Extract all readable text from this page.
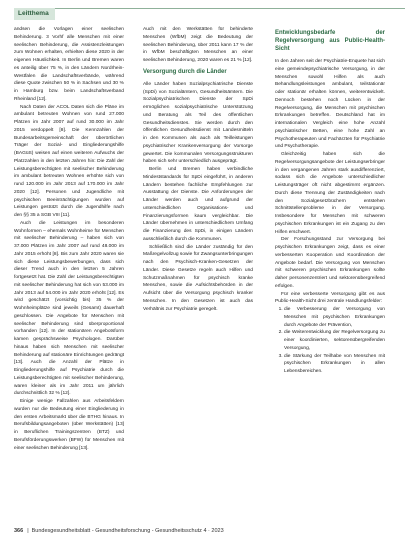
Leitthema

andsen die Vorlagen einer seelischen Behinderung. 3 Vorhf alle Menschen mit einer seelischen Behinderung, die Assistenzleistungen zum Wohnen erhalten, erhielten diese 2020 in der eigenen Häuslichkeit. In Berlin und Bremen waren es anteilig über 75 %, in den Ländern Nordrhein-Westfalen die Landschaftsverbände, während diese Quote zwischen 50 % in Sachsen und 30 % in Hamburg bzw. beim Landschaftsverband Rheinland [12].

Nach Daten der ACOL Daten sich die Pläne im ambulant betreuten Wohnen von rund 27.000 Plätzen im Jahr 2007 auf rund 30.000 im Jahr 2015 verdoppelt [8]. Die Kennzahlen der Bundesarbeitsgemeinschaft der überörtlichen Träger der Sozial- und Eingliederungshilfe (BAGüS) weisen auf einen weiteren Aufwuchs der Platzzahlen in den letzten Jahren hin: Die Zahl der Leistungsberechtigten mit seelischer Behinderung im ambulant betreuten Wohnen erhöhte sich von rund 120.000 im Jahr 2013 auf 170.000 im Jahr 2020 [12]. Personen und Jugendliche mit psychischen Beeinträchtigungen wurden auf Leistungen gestützt durch die Jugendhilfe nach den §§ 35 a SGB VIII [11].

Auch die Leistungen im besonderen Wohnformen – ehemals Wohnheime für Menschen mit seelischer Behinderung – haben sich von 37.000 Plätzen im Jahr 2007 auf rund 48.000 im Jahr 2015 erhöht [8]. Bis zum Jahr 2020 waren sie sich diese Leistungsbewerbungen, dass sich dieser Trend auch in den letzten 5 Jahren fortgesetzt hat. Die Zahl der Leistungsberechtigten mit seelischer Behinderung hat sich von 53.000 im Jahr 2013 auf 54.000 im Jahr 2020 erhöht [12]. Es wird geschätzt (vorsichtig bis) 35 % der Wohnheimplätze sind jeweils (Gesamt) dauerhaft geschlossen. Die Angebote für Menschen mit seelischer Behinderung sind überproportional vorhanden [12]. In der stationären Angebotsform kamen gesprächsweise Psychologen. Darüber hinaus haben sich Menschen mit seelischer Behinderung auf stationäre Einrichtungen gedrängt [13]. Auch die Anzahl der Plätze in Eingliederungshilfe auf Psychiatrie durch die Leistungsberechtigten mit seelischer Behinderung, waren kleiner als im Jahr 2011 um jährlich durchschnittlich 32 % [12].

Einige wenige Fallzahlen aus Arbeitsfeldern wurden nur die Bedeutung einer Eingliederung in den ersten Arbeitsmarkt über die BTHG hinaus. In Berufsbildungsangeboten (über Werkstätten) [13] in Beruflichen Trainingszentren (BTZ) und Berufsförderungswerken (BFW) für Menschen mit einer seelischen Behinderung [13].

Auch mit den Werkstätten für behinderte Menschen (WfbM) zeigt die Bedeutung der seelischen Behinderung, über 2011 kann 17 % der in WfbM beschäftigten Menschen an einer seelischen Behinderung, 2020 waren es 21 % [12].

Versorgung durch die Länder

Alle Länder haben Sozialpsychiatrische Dienste (SpDi) von Sozialämtern, Gesundheitsämtern. Die Sozialpsychiatrischen Dienste der SpDi ermöglichen sozialpsychiatrische Unterstützung und Beratung als Teil des öffentlichen Gesundheitsdienstes. Sie werden durch den öffentlichen Gesundheitsdienst mit Landesmitteln in den Kommunen als auch als Teilleistungen psychiatrischer Krankenversorgung der Vorsorge gewertet. Die kommunalen Versorgungsstrukturen haben sich sehr unterschiedlich ausgeprägt.

Berlin und Bremen haben verbindliche Mindeststandards für SpDi eingeführt, in anderen Ländern bestehen fachliche Empfehlungen zur Ausstattung der Dienste. Die Anforderungen der Länder werden auch und aufgrund der unterschiedlichen Organisations- und Finanzierungsformen kaum vergleichbar. Die Länder übernehmen in unterschiedlichem Umfang die Finanzierung des SpDi, in einigen Ländern ausschließlich durch die Kommunen.

Schließlich sind die Länder zuständig für den Maßregelvollzug sowie für Zwangsunterbringungen nach den Psychisch-Kranken-Gesetzen der Länder. Diese Gesetze regeln auch Hilfen und Schutzmaßnahmen für psychisch kranke Menschen, sowie die Aufsichtsbehörden in der Aufsicht über die Versorgung psychisch kranker Menschen. In den Gesetzen ist auch das Verhältnis zur Psychiatrie geregelt.

Entwicklungsbedarfe der Regelversorgung aus Public-Health-Sicht

In den Jahren seit der Psychiatrie-Enquete hat sich eine gemeindepsychiatrische Versorgung, in der Menschen sowohl Hilfen als auch Behandlungsleistungen ambulant, teilstationär oder stationär erhalten können, weiterentwickelt. Dennoch bestehen noch Lücken in der Regelversorgung, die Menschen mit psychischen Erkrankungen betreffen. Deutschland hat im internationalen Vergleich eine hohe Anzahl psychiatrischer Betten, eine hohe Zahl an Psychotherapeuten und Fachärzten für Psychiatrie und Psychotherapie.

Gleichzeitig haben sich die Regelversorgungsangebote der Leistungserbringer in den vergangenen Jahren stark ausdifferenziert, sodass sich die Angebote unterschiedlicher Leistungsträger oft nicht abgestimmt ergänzen. Durch diese Trennung der Zuständigkeiten nach den Sozialgesetzbüchern entstehen Schnittstellenprobleme in der Versorgung. Insbesondere für Menschen mit schweren psychischen Erkrankungen ist ein Zugang zu den Hilfen erschwert.

Der Forschungsstand zur Versorgung bei psychischen Erkrankungen zeigt, dass es einer verbesserten Kooperation und Koordination der Angebote bedarf. Die Versorgung von Menschen mit schweren psychischen Erkrankungen sollte daher personenzentriert und sektorenübergreifend erfolgen.

Für eine verbesserte Versorgung gibt es aus Public-Health-Sicht drei zentrale Handlungsfelder:

1. die Verbesserung der Versorgung von Menschen mit psychischen Erkrankungen durch Angebote der Prävention,
2. die Weiterentwicklung der Regelversorgung zu einer koordinierten, sektorenübergreifenden Versorgung,
3. die Stärkung der Teilhabe von Menschen mit psychischen Erkrankungen in allen Lebensbereichen.
366 | Bundesgesundheitsblatt - Gesundheitsforschung - Gesundheitsschutz 4 · 2023
